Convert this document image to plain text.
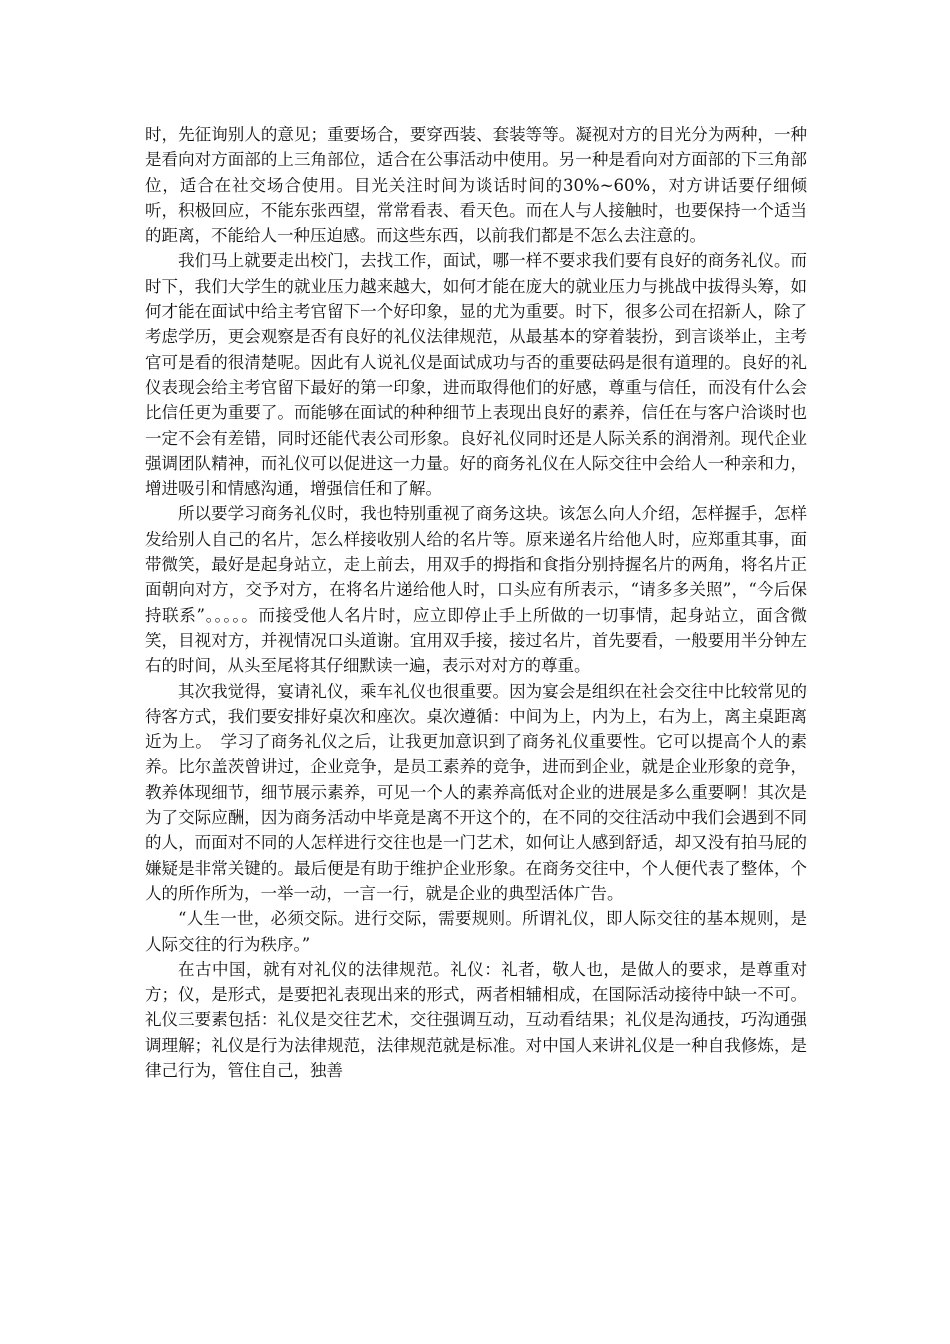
时，先征询别人的意见；重要场合，要穿西装、套装等等。凝视对方的目光分为两种，一种是看向对方面部的上三角部位，适合在公事活动中使用。另一种是看向对方面部的下三角部位，适合在社交场合使用。目光关注时间为谈话时间的30%~60%，对方讲话要仔细倾听，积极回应，不能东张西望，常常看表、看天色。而在人与人接触时，也要保持一个适当的距离，不能给人一种压迫感。而这些东西，以前我们都是不怎么去注意的。

我们马上就要走出校门，去找工作，面试，哪一样不要求我们要有良好的商务礼仪。而时下，我们大学生的就业压力越来越大，如何才能在庞大的就业压力与挑战中拔得头筹，如何才能在面试中给主考官留下一个好印象，显的尤为重要。时下，很多公司在招新人，除了考虑学历，更会观察是否有良好的礼仪法律规范，从最基本的穿着装扮，到言谈举止，主考官可是看的很清楚呢。因此有人说礼仪是面试成功与否的重要砝码是很有道理的。良好的礼仪表现会给主考官留下最好的第一印象，进而取得他们的好感，尊重与信任，而没有什么会比信任更为重要了。而能够在面试的种种细节上表现出良好的素养，信任在与客户洽谈时也一定不会有差错，同时还能代表公司形象。良好礼仪同时还是人际关系的润滑剂。现代企业强调团队精神，而礼仪可以促进这一力量。好的商务礼仪在人际交往中会给人一种亲和力，增进吸引和情感沟通，增强信任和了解。

所以要学习商务礼仪时，我也特别重视了商务这块。该怎么向人介绍，怎样握手，怎样发给别人自己的名片，怎么样接收别人给的名片等。原来递名片给他人时，应郑重其事，面带微笑，最好是起身站立，走上前去，用双手的拇指和食指分别持握名片的两角，将名片正面朝向对方，交予对方，在将名片递给他人时，口头应有所表示，“请多多关照”，“今后保持联系”。。。。。而接受他人名片时，应立即停止手上所做的一切事情，起身站立，面含微笑，目视对方，并视情况口头道谢。宜用双手接，接过名片，首先要看，一般要用半分钟左右的时间，从头至尾将其仔细默读一遍，表示对对方的尊重。

其次我觉得，宴请礼仪，乘车礼仪也很重要。因为宴会是组织在社会交往中比较常见的待客方式，我们要安排好桌次和座次。桌次遵循：中间为上，内为上，右为上，离主桌距离近为上。　学习了商务礼仪之后，让我更加意识到了商务礼仪重要性。它可以提高个人的素养。比尔盖茨曾讲过，企业竞争，是员工素养的竞争，进而到企业，就是企业形象的竞争，教养体现细节，细节展示素养，可见一个人的素养高低对企业的进展是多么重要啊！其次是为了交际应酬，因为商务活动中毕竟是离不开这个的，在不同的交往活动中我们会遇到不同的人，而面对不同的人怎样进行交往也是一门艺术，如何让人感到舒适，却又没有拍马屁的嫌疑是非常关键的。最后便是有助于维护企业形象。在商务交往中，个人便代表了整体，个人的所作所为，一举一动，一言一行，就是企业的典型活体广告。

“人生一世，必须交际。进行交际，需要规则。所谓礼仪，即人际交往的基本规则，是人际交往的行为秩序。”

在古中国，就有对礼仪的法律规范。礼仪：礼者，敬人也，是做人的要求，是尊重对方；仪，是形式，是要把礼表现出来的形式，两者相辅相成，在国际活动接待中缺一不可。礼仪三要素包括：礼仪是交往艺术，交往强调互动，互动看结果；礼仪是沟通技，巧沟通强调理解；礼仪是行为法律规范，法律规范就是标准。对中国人来讲礼仪是一种自我修炼，是律己行为，管住自己，独善
